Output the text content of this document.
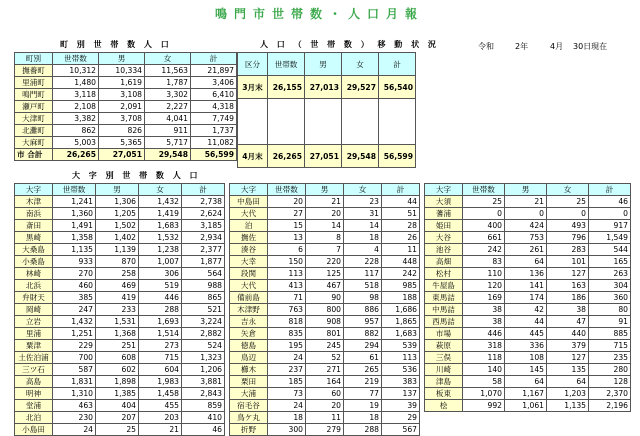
鳴門市世帯数・人口月報
令和	2年	4月 30日現在
町 別 世 帯 数 人 口	人 口 （ 世 帯 数 ） 移 動 状 況
町別	世帯数	男	女	計
撫養町	10,312	10,334	11,563	21,897
里浦町	1,480	1,619	1,787	3,406
鳴門町	3,118	3,108	3,302	6,410
瀬戸町	2,108	2,091	2,227	4,318
大津町	3,382	3,708	4,041	7,749
北灘町	862	826	911	1,737
大麻町	5,003	5,365	5,717	11,082
市 合計	26,265	27,051	29,548	56,599
区分	世帯数	男	女	計
3月末	26,155	27,013	29,527	56,540

4月末	26,265	27,051	29,548	56,599
大 字 別 世 帯 数 人 口
大字	世帯数	男	女	計
木津	1,241	1,306	1,432	2,738
南浜	1,360	1,205	1,419	2,624
斎田	1,491	1,502	1,683	3,185
黒崎	1,358	1,402	1,532	2,934
大桑島	1,135	1,139	1,238	2,377
小桑島	933	870	1,007	1,877
林崎	270	258	306	564
北浜	460	469	519	988
弁財天	385	419	446	865
岡崎	247	233	288	521
立岩	1,432	1,531	1,693	3,224
里浦	1,251	1,368	1,514	2,882
粟津	229	251	273	524
土佐泊浦	700	608	715	1,323
三ツ石	587	602	604	1,206
高島	1,831	1,898	1,983	3,881
明神	1,310	1,385	1,458	2,843
堂浦	463	404	455	859
北泊	230	207	203	410
小島田	24	25	21	46
大字	世帯数	男	女	計
中島田	20	21	23	44
大代	27	20	31	51
泊	15	14	14	28
撫佐	13	8	18	26
湊谷	6	7	4	11
大幸	150	220	228	448
段関	113	125	117	242
大代	413	467	518	985
備前島	71	90	98	188
木津野	763	800	886	1,686
吉永	818	908	957	1,865
矢倉	835	801	882	1,683
徳島	195	245	294	539
鳥辺	24	52	61	113
櫛木	237	271	265	536
栗田	185	164	219	383
大浦	73	60	77	137
宿毛谷	24	20	19	39
鳥ケ丸	18	11	18	29
折野	300	279	288	567
大字	世帯数	男	女	計
大須	25	21	25	46
蓍浦	0	0	0	0
姫田	400	424	493	917
大谷	661	753	796	1,549
池谷	242	261	283	544
高畑	83	64	101	165
松村	110	136	127	263
牛屋島	120	141	163	304
東馬詰	169	174	186	360
中馬詰	38	42	38	80
西馬詰	38	44	47	91
市場	446	445	440	885
萩原	318	336	379	715
三俣	118	108	127	235
川崎	140	145	135	280
津島	58	64	64	128
板東	1,070	1,167	1,203	2,370
桧	992	1,061	1,135	2,196
